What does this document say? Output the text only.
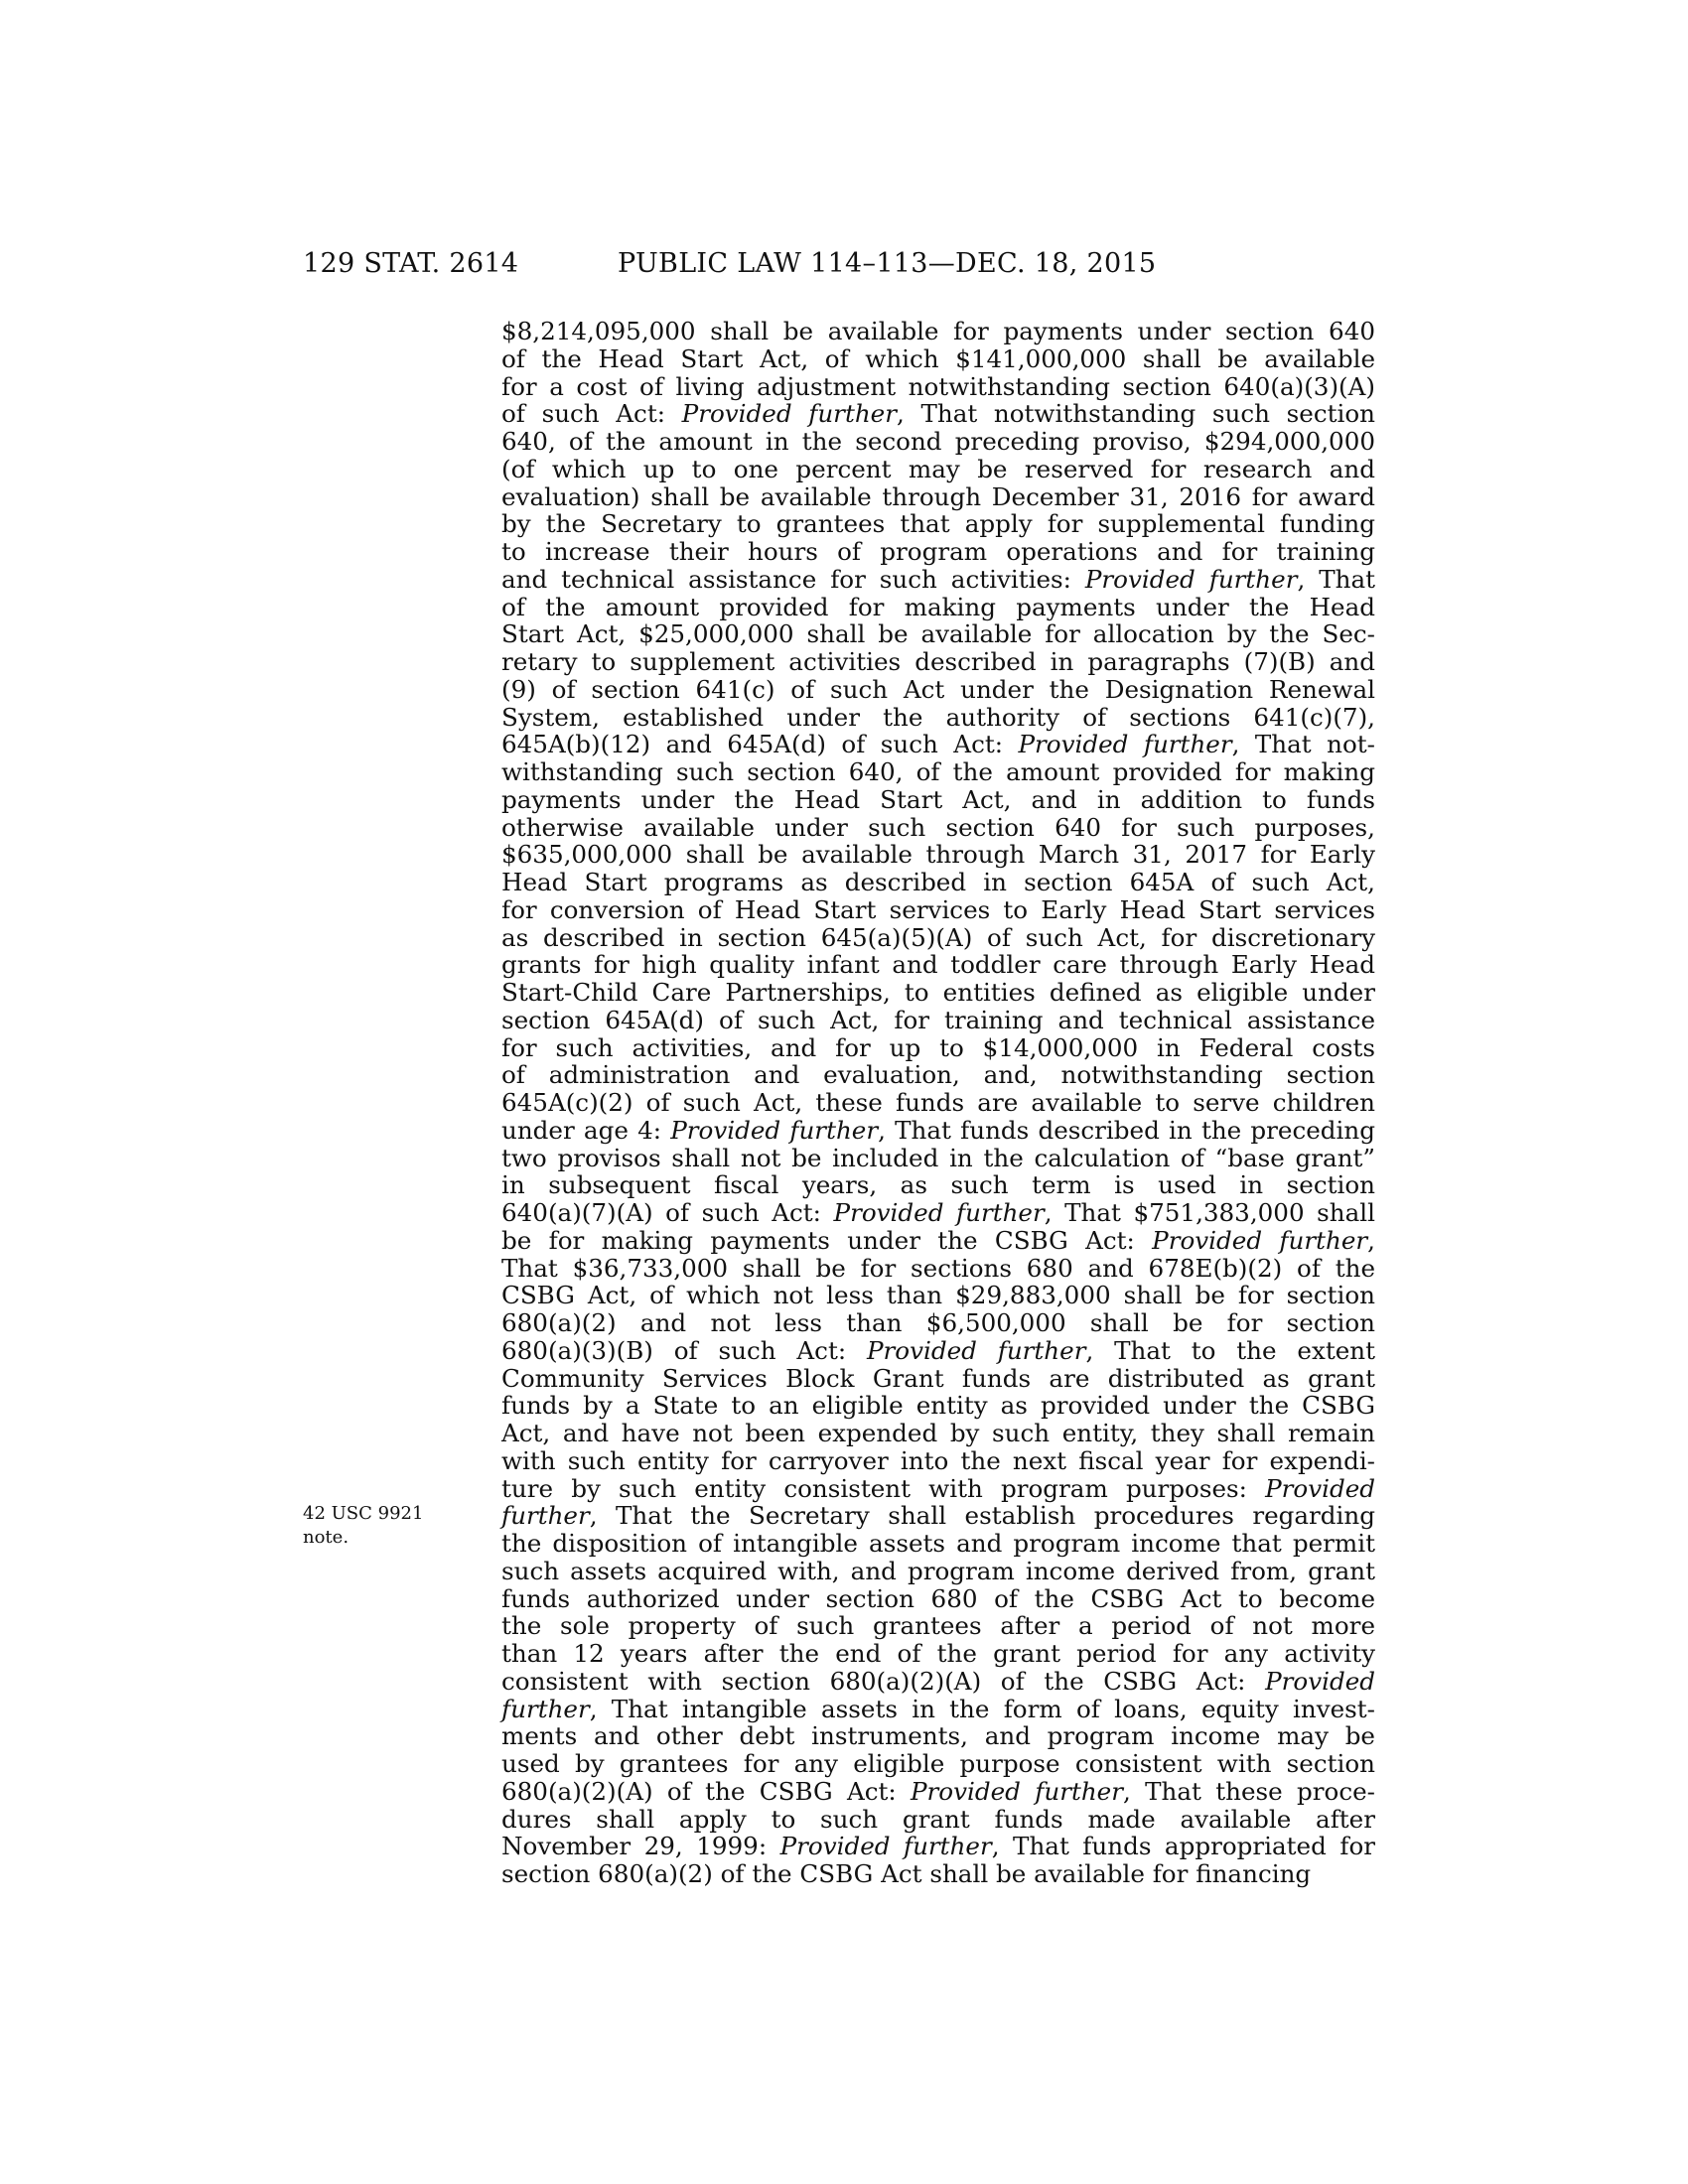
129 STAT. 2614	PUBLIC LAW 114–113—DEC. 18, 2015
42 USC 9921
note.
$8,214,095,000 shall be available for payments under section 640
of the Head Start Act, of which $141,000,000 shall be available
for a cost of living adjustment notwithstanding section 640(a)(3)(A)
of such Act: Provided further, That notwithstanding such section
640, of the amount in the second preceding proviso, $294,000,000
(of which up to one percent may be reserved for research and
evaluation) shall be available through December 31, 2016 for award
by the Secretary to grantees that apply for supplemental funding
to increase their hours of program operations and for training
and technical assistance for such activities: Provided further, That
of the amount provided for making payments under the Head
Start Act, $25,000,000 shall be available for allocation by the Sec-
retary to supplement activities described in paragraphs (7)(B) and
(9) of section 641(c) of such Act under the Designation Renewal
System, established under the authority of sections 641(c)(7),
645A(b)(12) and 645A(d) of such Act: Provided further, That not-
withstanding such section 640, of the amount provided for making
payments under the Head Start Act, and in addition to funds
otherwise available under such section 640 for such purposes,
$635,000,000 shall be available through March 31, 2017 for Early
Head Start programs as described in section 645A of such Act,
for conversion of Head Start services to Early Head Start services
as described in section 645(a)(5)(A) of such Act, for discretionary
grants for high quality infant and toddler care through Early Head
Start-Child Care Partnerships, to entities defined as eligible under
section 645A(d) of such Act, for training and technical assistance
for such activities, and for up to $14,000,000 in Federal costs
of administration and evaluation, and, notwithstanding section
645A(c)(2) of such Act, these funds are available to serve children
under age 4: Provided further, That funds described in the preceding
two provisos shall not be included in the calculation of “base grant”
in subsequent fiscal years, as such term is used in section
640(a)(7)(A) of such Act: Provided further, That $751,383,000 shall
be for making payments under the CSBG Act: Provided further,
That $36,733,000 shall be for sections 680 and 678E(b)(2) of the
CSBG Act, of which not less than $29,883,000 shall be for section
680(a)(2) and not less than $6,500,000 shall be for section
680(a)(3)(B) of such Act: Provided further, That to the extent
Community Services Block Grant funds are distributed as grant
funds by a State to an eligible entity as provided under the CSBG
Act, and have not been expended by such entity, they shall remain
with such entity for carryover into the next fiscal year for expendi-
ture by such entity consistent with program purposes: Provided
further, That the Secretary shall establish procedures regarding
the disposition of intangible assets and program income that permit
such assets acquired with, and program income derived from, grant
funds authorized under section 680 of the CSBG Act to become
the sole property of such grantees after a period of not more
than 12 years after the end of the grant period for any activity
consistent with section 680(a)(2)(A) of the CSBG Act: Provided
further, That intangible assets in the form of loans, equity invest-
ments and other debt instruments, and program income may be
used by grantees for any eligible purpose consistent with section
680(a)(2)(A) of the CSBG Act: Provided further, That these proce-
dures shall apply to such grant funds made available after
November 29, 1999: Provided further, That funds appropriated for
section 680(a)(2) of the CSBG Act shall be available for financing
